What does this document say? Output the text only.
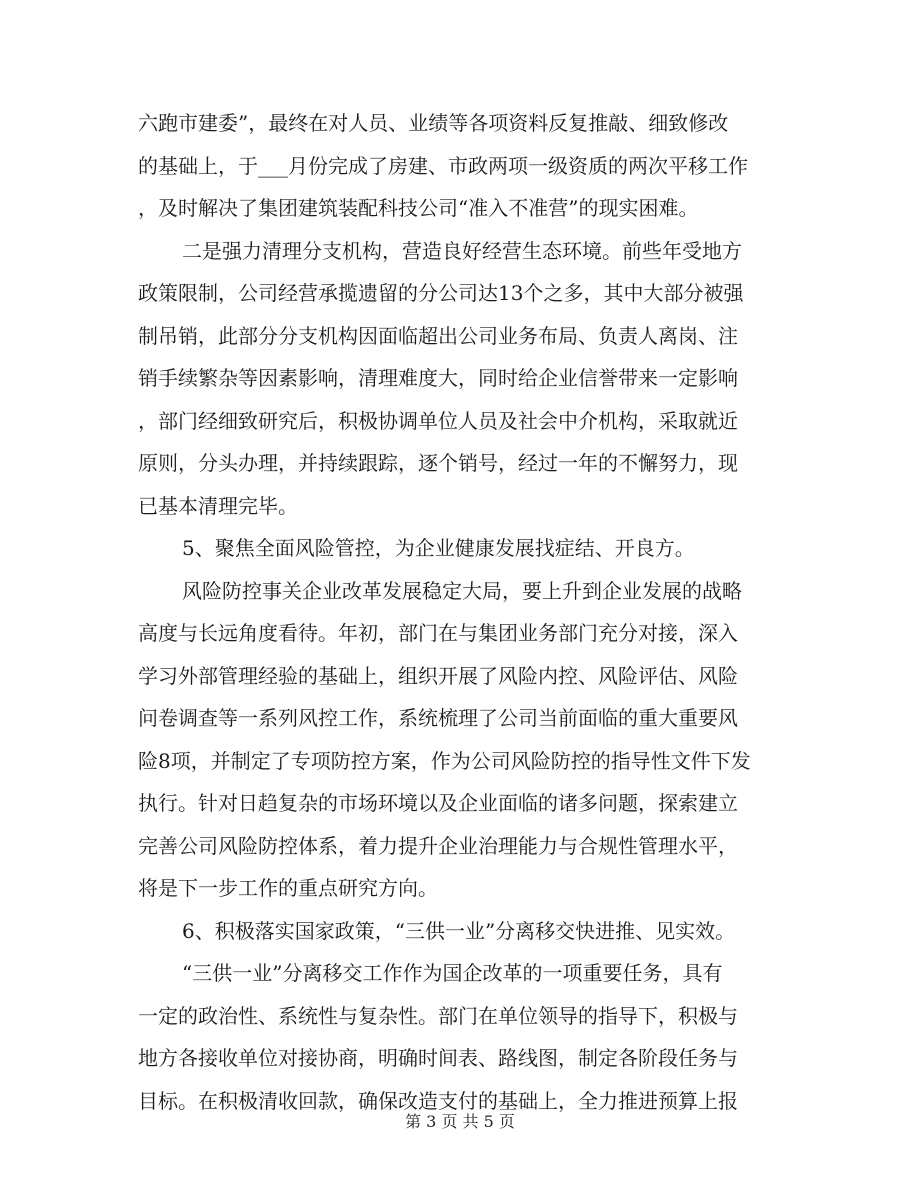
六跑市建委”，最终在对人员、业绩等各项资料反复推敲、细致修改
的基础上，于___月份完成了房建、市政两项一级资质的两次平移工作
，及时解决了集团建筑装配科技公司“准入不准营”的现实困难。
二是强力清理分支机构，营造良好经营生态环境。前些年受地方
政策限制，公司经营承揽遗留的分公司达13个之多，其中大部分被强
制吊销，此部分分支机构因面临超出公司业务布局、负责人离岗、注
销手续繁杂等因素影响，清理难度大，同时给企业信誉带来一定影响
，部门经细致研究后，积极协调单位人员及社会中介机构，采取就近
原则，分头办理，并持续跟踪，逐个销号，经过一年的不懈努力，现
已基本清理完毕。
5、聚焦全面风险管控，为企业健康发展找症结、开良方。
风险防控事关企业改革发展稳定大局，要上升到企业发展的战略
高度与长远角度看待。年初，部门在与集团业务部门充分对接，深入
学习外部管理经验的基础上，组织开展了风险内控、风险评估、风险
问卷调查等一系列风控工作，系统梳理了公司当前面临的重大重要风
险8项，并制定了专项防控方案，作为公司风险防控的指导性文件下发
执行。针对日趋复杂的市场环境以及企业面临的诸多问题，探索建立
完善公司风险防控体系，着力提升企业治理能力与合规性管理水平，
将是下一步工作的重点研究方向。
6、积极落实国家政策，“三供一业”分离移交快进推、见实效。
“三供一业”分离移交工作作为国企改革的一项重要任务，具有
一定的政治性、系统性与复杂性。部门在单位领导的指导下，积极与
地方各接收单位对接协商，明确时间表、路线图，制定各阶段任务与
目标。在积极清收回款，确保改造支付的基础上，全力推进预算上报
第 3 页 共 5 页
